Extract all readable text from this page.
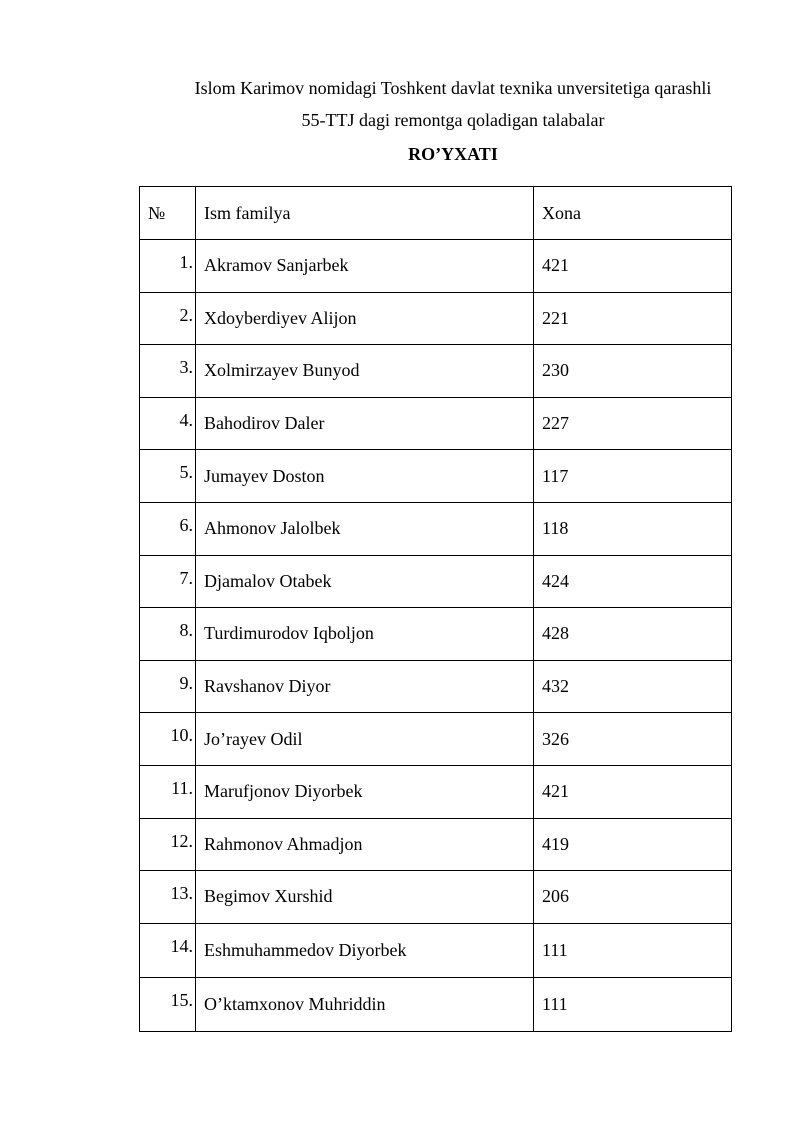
Islom Karimov nomidagi Toshkent davlat texnika unversitetiga qarashli
55-TTJ dagi remontga qoladigan talabalar
RO’YXATI
№	Ism familya	Xona
1.	Akramov Sanjarbek	421
2.	Xdoyberdiyev Alijon	221
3.	Xolmirzayev Bunyod	230
4.	Bahodirov Daler	227
5.	Jumayev Doston	117
6.	Ahmonov Jalolbek	118
7.	Djamalov Otabek	424
8.	Turdimurodov Iqboljon	428
9.	Ravshanov Diyor	432
10.	Jo’rayev Odil	326
11.	Marufjonov Diyorbek	421
12.	Rahmonov Ahmadjon	419
13.	Begimov Xurshid	206
14.	Eshmuhammedov Diyorbek	111
15.	O’ktamxonov Muhriddin	111
